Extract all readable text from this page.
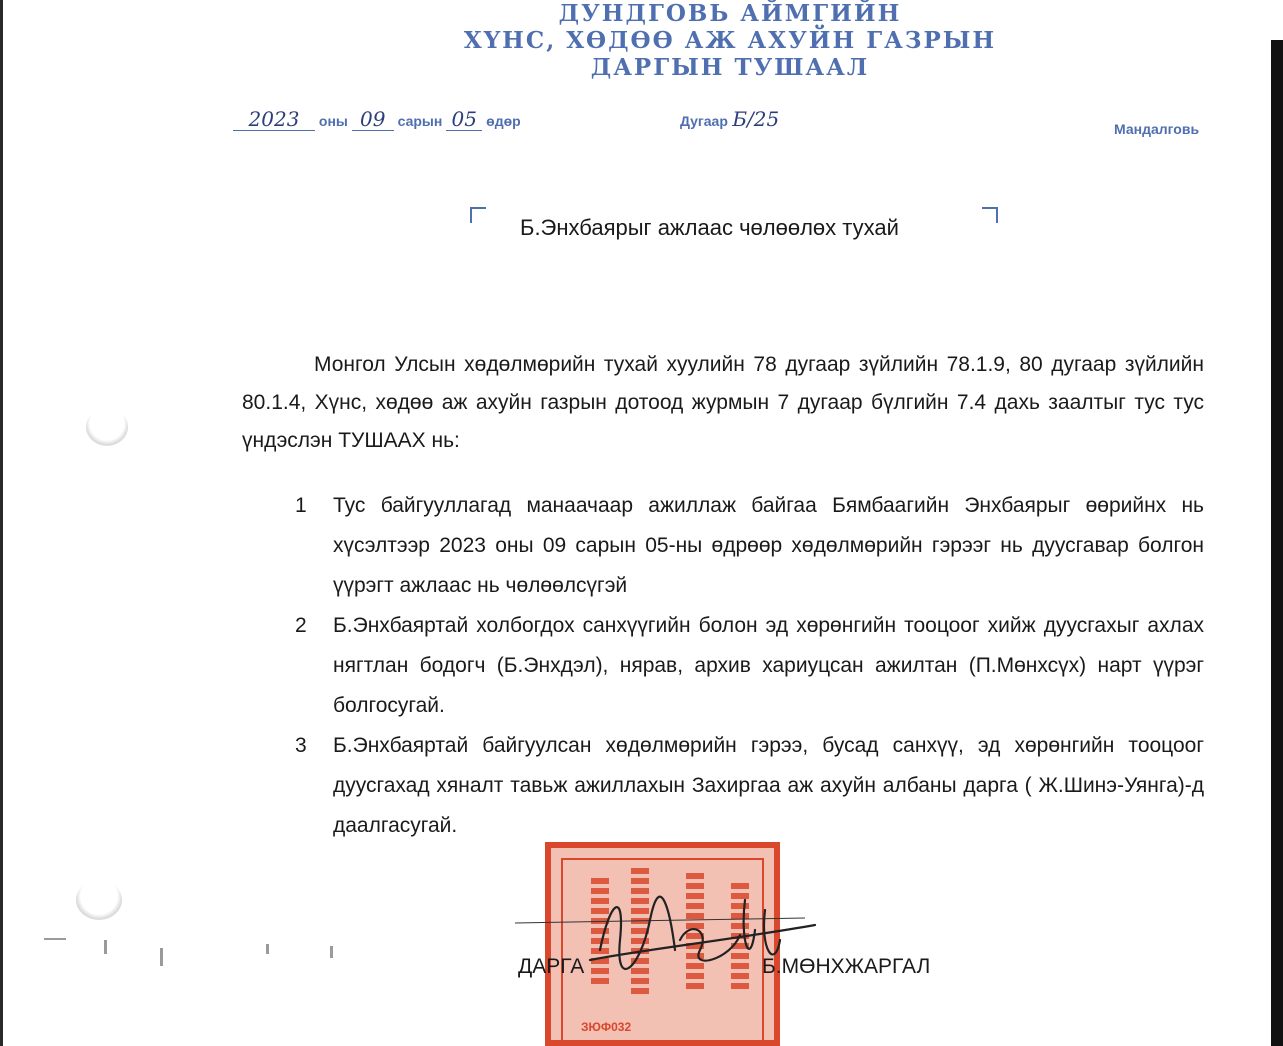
ДУНДГОВЬ АЙМГИЙН
ХҮНС, ХӨДӨӨ АЖ АХУЙН ГАЗРЫН
ДАРГЫН ТУШААЛ
2023 оны 09 сарын 05 өдөр	Дугаар Б/25	Мандалговь
Б.Энхбаярыг ажлаас чөлөөлөх тухай
Монгол Улсын хөдөлмөрийн тухай хуулийн 78 дугаар зүйлийн 78.1.9, 80 дугаар зүйлийн 80.1.4, Хүнс, хөдөө аж ахуйн газрын дотоод журмын 7 дугаар бүлгийн 7.4 дахь заалтыг тус тус үндэслэн ТУШААХ нь:
1 Тус байгууллагад манаачаар ажиллаж байгаа Бямбаагийн Энхбаярыг өөрийнх нь хүсэлтээр 2023 оны 09 сарын 05-ны өдрөөр хөдөлмөрийн гэрээг нь дуусгавар болгон үүрэгт ажлаас нь чөлөөлсүгэй
2 Б.Энхбаяртай холбогдох санхүүгийн болон эд хөрөнгийн тооцоог хийж дуусгахыг ахлах нягтлан бодогч (Б.Энхдэл), нярав, архив хариуцсан ажилтан (П.Мөнхсүх) нарт үүрэг болгосугай.
3 Б.Энхбаяртай байгуулсан хөдөлмөрийн гэрээ, бусад санхүү, эд хөрөнгийн тооцоог дуусгахад хяналт тавьж ажиллахын Захиргаа аж ахуйн албаны дарга ( Ж.Шинэ-Уянга)-д даалгасугай.
ЗЮФ032
ДАРГА	Б.МӨНХЖАРГАЛ
